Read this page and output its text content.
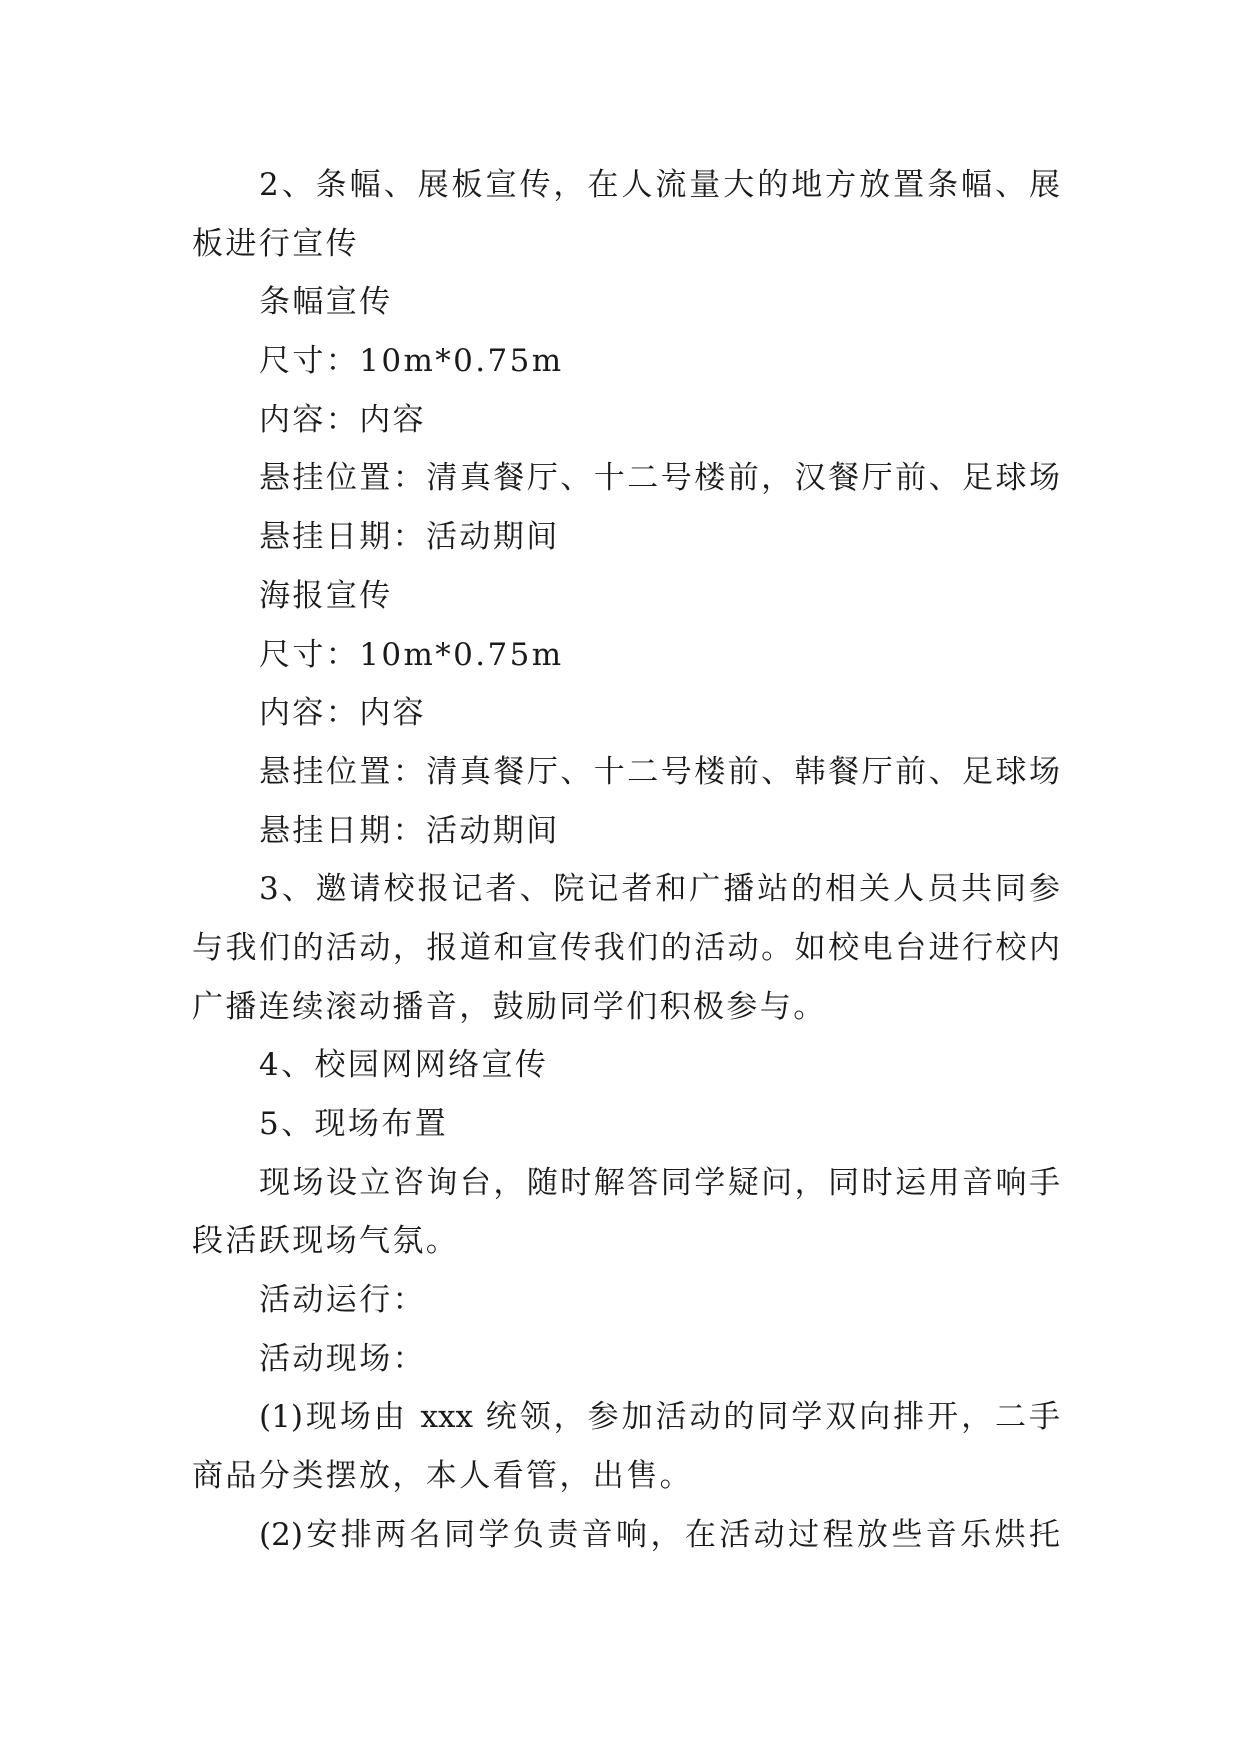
2、条幅、展板宣传，在人流量大的地方放置条幅、展
板进行宣传
条幅宣传
尺寸：10m*0.75m
内容：内容
悬挂位置：清真餐厅、十二号楼前，汉餐厅前、足球场
悬挂日期：活动期间
海报宣传
尺寸：10m*0.75m
内容：内容
悬挂位置：清真餐厅、十二号楼前、韩餐厅前、足球场
悬挂日期：活动期间
3、邀请校报记者、院记者和广播站的相关人员共同参
与我们的活动，报道和宣传我们的活动。如校电台进行校内
广播连续滚动播音，鼓励同学们积极参与。
4、校园网网络宣传
5、现场布置
现场设立咨询台，随时解答同学疑问，同时运用音响手
段活跃现场气氛。
活动运行：
活动现场：
(1)现场由 xxx 统领，参加活动的同学双向排开，二手
商品分类摆放，本人看管，出售。
(2)安排两名同学负责音响，在活动过程放些音乐烘托
